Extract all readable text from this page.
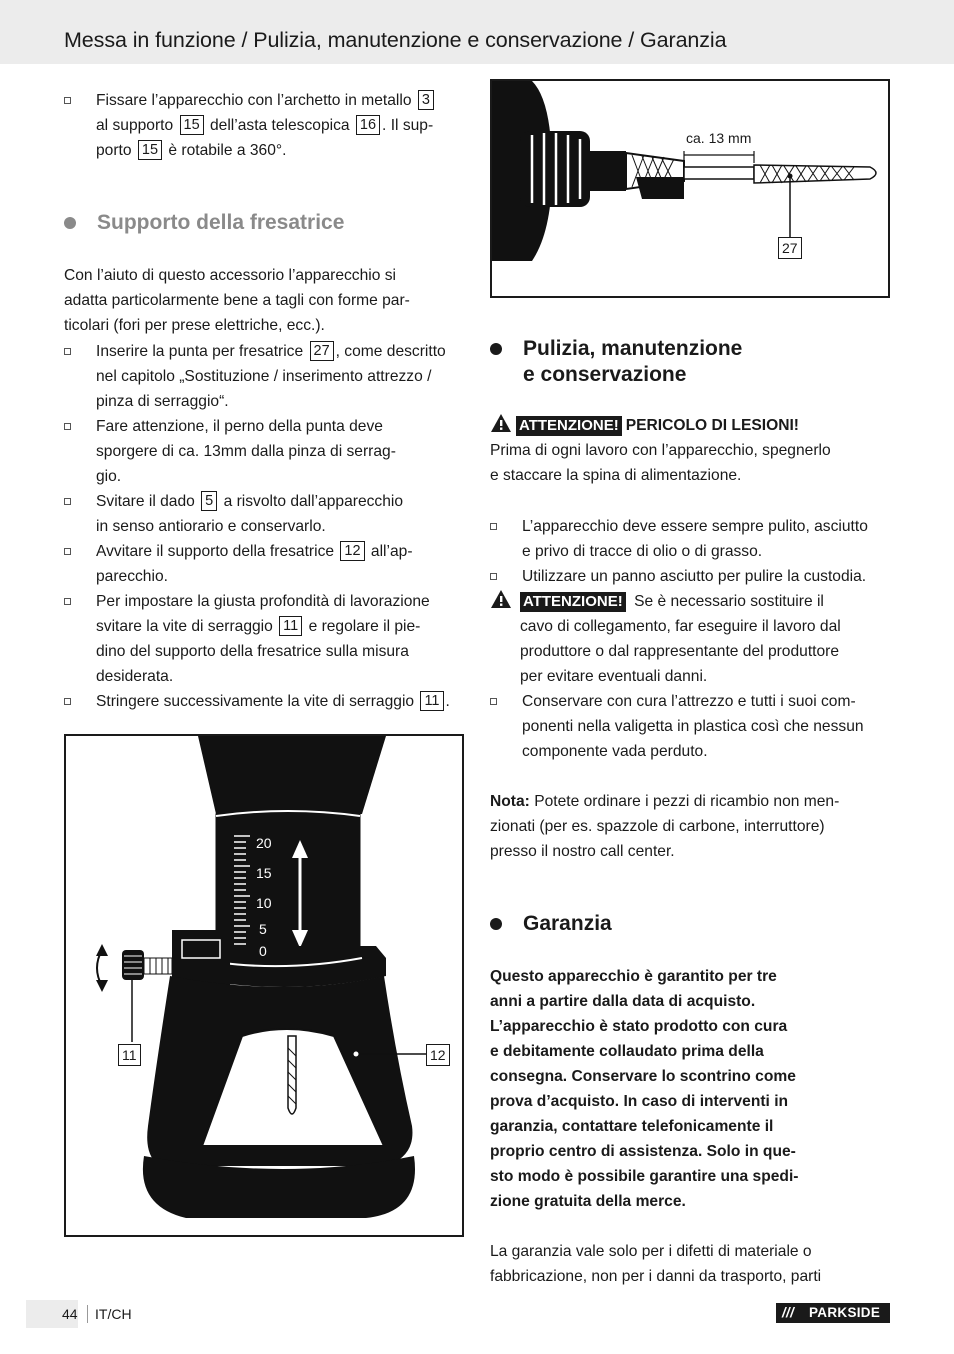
Messa in funzione / Pulizia, manutenzione e conservazione / Garanzia
Fissare l’apparecchio con l’archetto in metallo 3
al supporto 15 dell’asta telescopica 16 . Il sup-
porto 15 è rotabile a 360°.
Supporto della fresatrice
Con l’aiuto di questo accessorio l’apparecchio si
adatta particolarmente bene a tagli con forme par-
ticolari (fori per prese elettriche, ecc.).
Inserire la punta per fresatrice 27 , come descritto
nel capitolo „Sostituzione / inserimento attrezzo /
pinza di serraggio“.
Fare attenzione, il perno della punta deve
sporgere di ca. 13mm dalla pinza di serrag-
gio.
Svitare il dado 5 a risvolto dall’apparecchio
in senso antiorario e conservarlo.
Avvitare il supporto della fresatrice 12 all’ap-
parecchio.
Per impostare la giusta profondità di lavorazione
svitare la vite di serraggio 11 e regolare il pie-
dino del supporto della fresatrice sulla misura
desiderata.
Stringere successivamente la vite di serraggio 11 .
20
15
10
5
0
11	12
ca. 13 mm
27
Pulizia, manutenzione
e conservazione
ATTENZIONE! PERICOLO DI LESIONI!
Prima di ogni lavoro con l’apparecchio, spegnerlo
e staccare la spina di alimentazione.
L’apparecchio deve essere sempre pulito, asciutto
e privo di tracce di olio o di grasso.
Utilizzare un panno asciutto per pulire la custodia.
ATTENZIONE! Se è necessario sostituire il
cavo di collegamento, far eseguire il lavoro dal
produttore o dal rappresentante del produttore
per evitare eventuali danni.
Conservare con cura l’attrezzo e tutti i suoi com-
ponenti nella valigetta in plastica così che nessun
componente vada perduto.
Nota: Potete ordinare i pezzi di ricambio non men-
zionati (per es. spazzole di carbone, interruttore)
presso il nostro call center.
Garanzia
Questo apparecchio è garantito per tre
anni a partire dalla data di acquisto.
L’apparecchio è stato prodotto con cura
e debitamente collaudato prima della
consegna. Conservare lo scontrino come
prova d’acquisto. In caso di interventi in
garanzia, contattare telefonicamente il
proprio centro di assistenza. Solo in que-
sto modo è possibile garantire una spedi-
zione gratuita della merce.
La garanzia vale solo per i difetti di materiale o
fabbricazione, non per i danni da trasporto, parti
44 IT/CH	/// PARKSIDE
